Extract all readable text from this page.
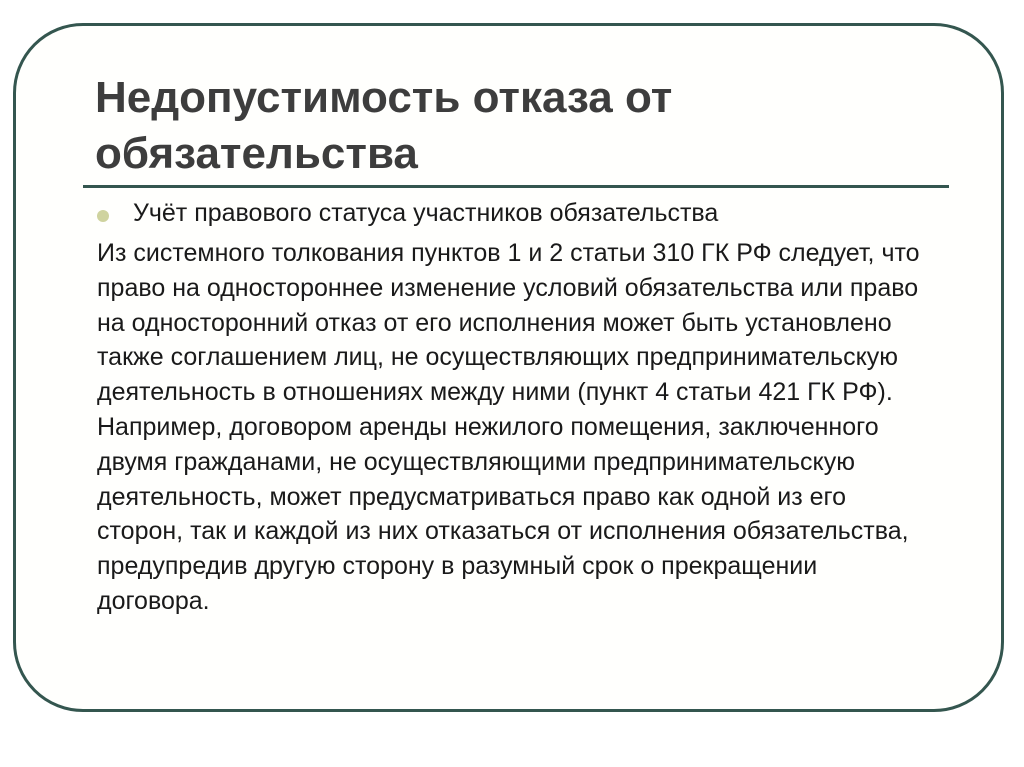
Недопустимость отказа от обязательства
Учёт правового статуса участников обязательства

Из системного толкования пунктов 1 и 2 статьи 310 ГК РФ следует, что право на одностороннее изменение условий обязательства или право на односторонний отказ от его исполнения может быть установлено также соглашением лиц, не осуществляющих предпринимательскую деятельность в отношениях между ними (пункт 4 статьи 421 ГК РФ). Например, договором аренды нежилого помещения, заключенного двумя гражданами, не осуществляющими предпринимательскую деятельность, может предусматриваться право как одной из его сторон, так и каждой из них отказаться от исполнения обязательства, предупредив другую сторону в разумный срок о прекращении договора.
